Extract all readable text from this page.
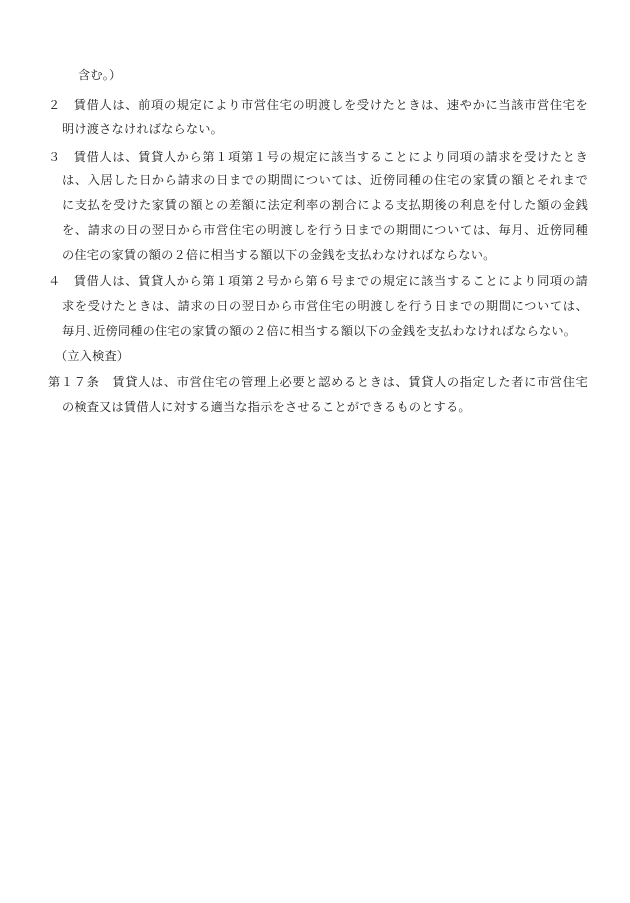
含む。）
２　賃借人は、前項の規定により市営住宅の明渡しを受けたときは、速やかに当該市営住宅を
明け渡さなければならない。
３　賃借人は、賃貸人から第１項第１号の規定に該当することにより同項の請求を受けたとき
は、入居した日から請求の日までの期間については、近傍同種の住宅の家賃の額とそれまで
に支払を受けた家賃の額との差額に法定利率の割合による支払期後の利息を付した額の金銭
を、請求の日の翌日から市営住宅の明渡しを行う日までの期間については、毎月、近傍同種
の住宅の家賃の額の２倍に相当する額以下の金銭を支払わなければならない。
４　賃借人は、賃貸人から第１項第２号から第６号までの規定に該当することにより同項の請
求を受けたときは、請求の日の翌日から市営住宅の明渡しを行う日までの期間については、
毎月､近傍同種の住宅の家賃の額の２倍に相当する額以下の金銭を支払わなければならない。
（立入検査）
第１７条　賃貸人は、市営住宅の管理上必要と認めるときは、賃貸人の指定した者に市営住宅
の検査又は賃借人に対する適当な指示をさせることができるものとする。
